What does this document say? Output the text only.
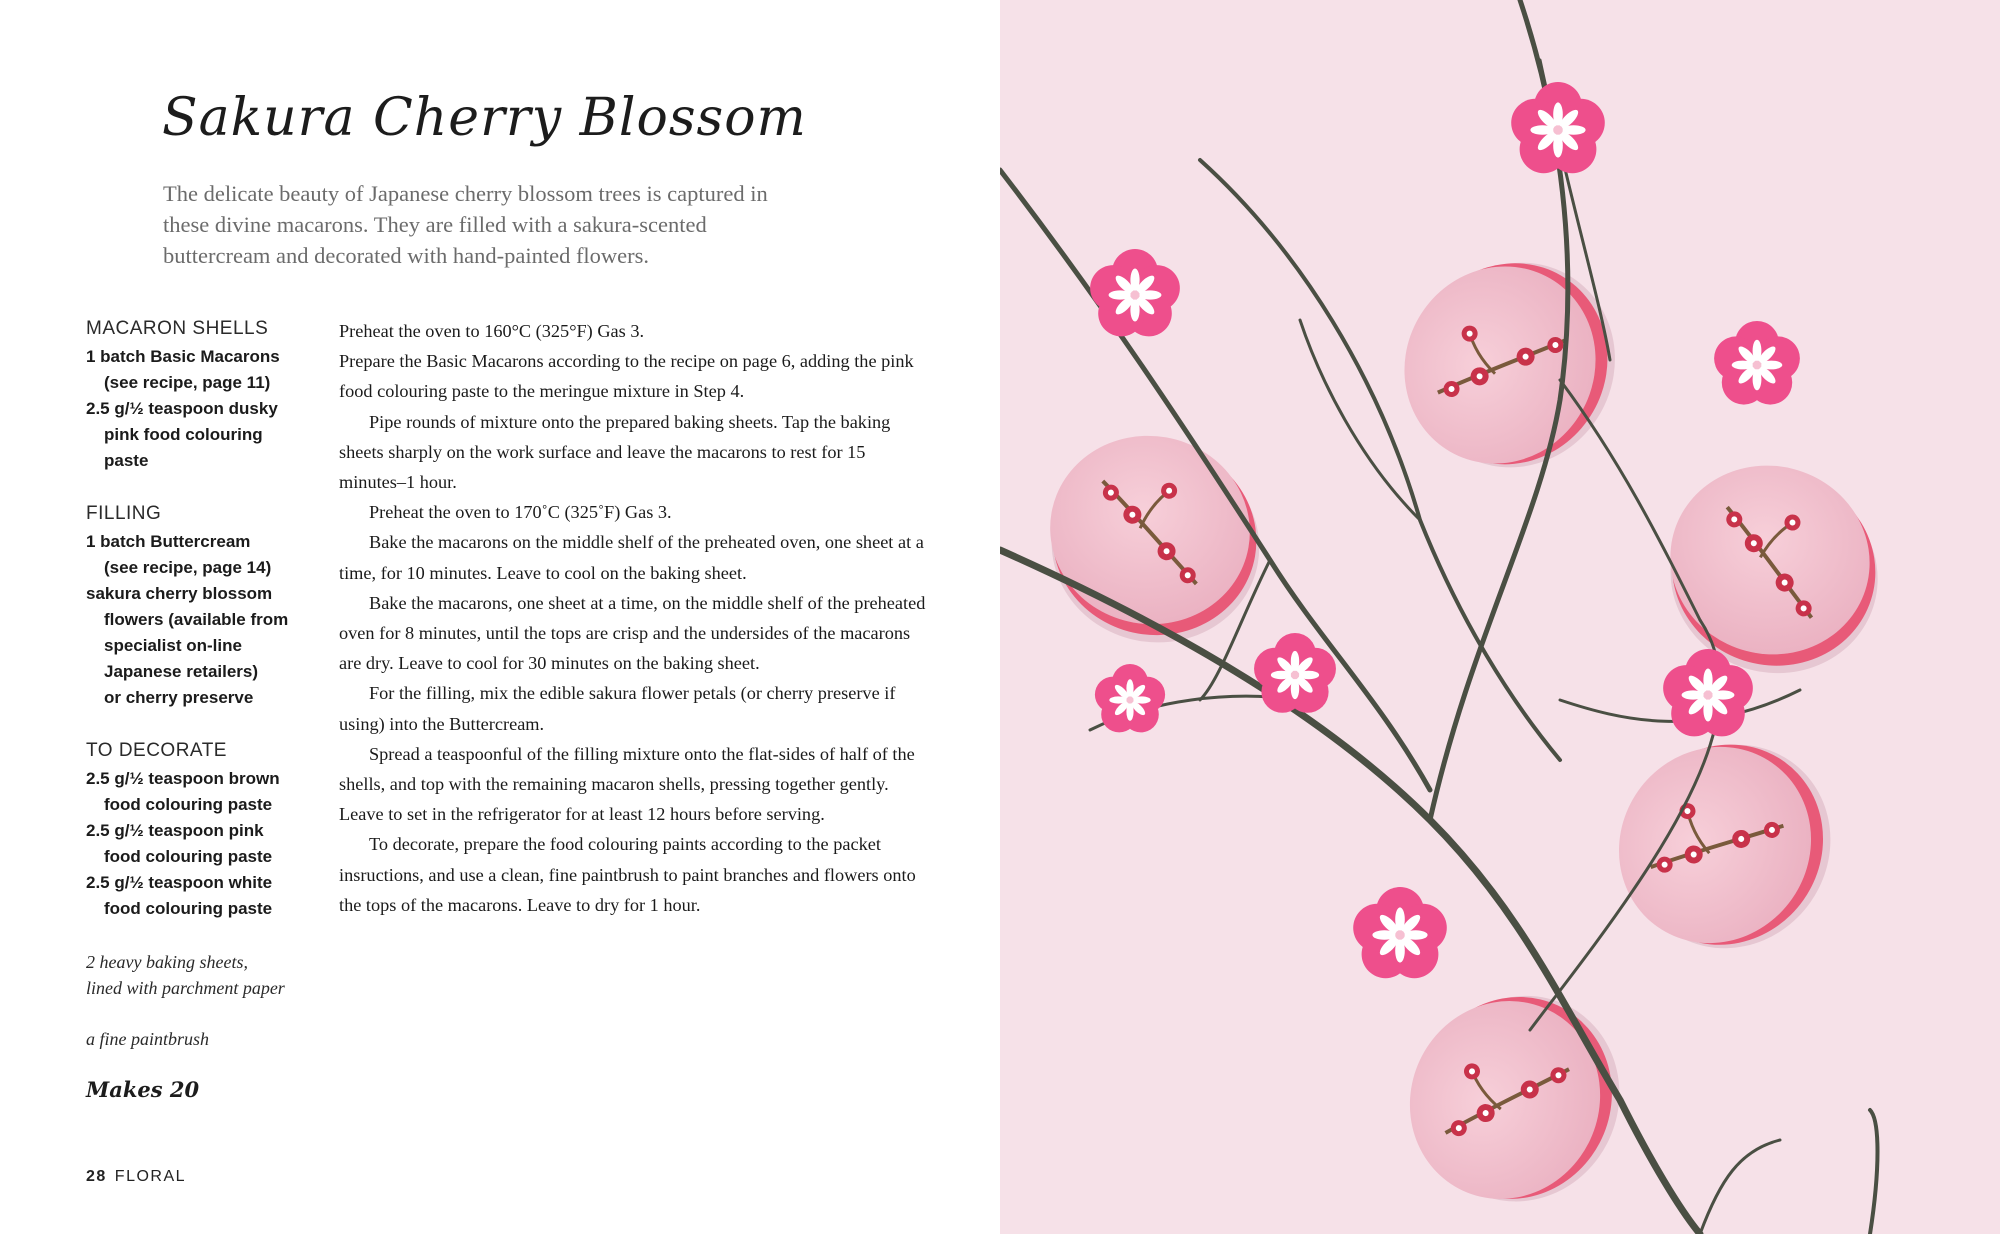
Sakura Cherry Blossom

The delicate beauty of Japanese cherry blossom trees is captured in these divine macarons. They are filled with a sakura-scented buttercream and decorated with hand-painted flowers.

MACARON SHELLS
1 batch Basic Macarons
(see recipe, page 11)
2.5 g/½ teaspoon dusky
pink food colouring
paste
FILLING
1 batch Buttercream
(see recipe, page 14)
sakura cherry blossom
flowers (available from
specialist on-line
Japanese retailers)
or cherry preserve
TO DECORATE
2.5 g/½ teaspoon brown
food colouring paste
2.5 g/½ teaspoon pink
food colouring paste
2.5 g/½ teaspoon white
food colouring paste

2 heavy baking sheets,
lined with parchment paper

a fine paintbrush

Makes 20

Preheat the oven to 160°C (325°F) Gas 3.

Prepare the Basic Macarons according to the recipe on page 6, adding the pink food colouring paste to the meringue mixture in Step 4.

Pipe rounds of mixture onto the prepared baking sheets. Tap the baking sheets sharply on the work surface and leave the macarons to rest for 15 minutes–1 hour.

Preheat the oven to 170˚C (325˚F) Gas 3.

Bake the macarons on the middle shelf of the preheated oven, one sheet at a time, for 10 minutes. Leave to cool on the baking sheet.

Bake the macarons, one sheet at a time, on the middle shelf of the preheated oven for 8 minutes, until the tops are crisp and the undersides of the macarons are dry. Leave to cool for 30 minutes on the baking sheet.

For the filling, mix the edible sakura flower petals (or cherry preserve if using) into the Buttercream.

Spread a teaspoonful of the filling mixture onto the flat-sides of half of the shells, and top with the remaining macaron shells, pressing together gently. Leave to set in the refrigerator for at least 12 hours before serving.

To decorate, prepare the food colouring paints according to the packet insructions, and use a clean, fine paintbrush to paint branches and flowers onto the tops of the macarons. Leave to dry for 1 hour.

28 FLORAL
